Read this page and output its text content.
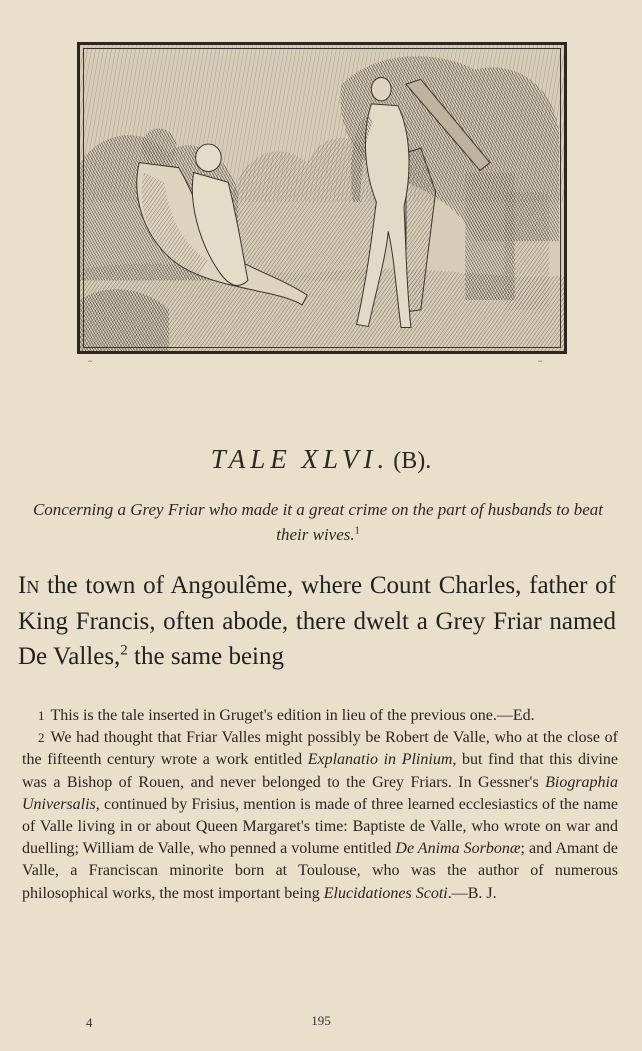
~	~
TALE XLVI. (B).
Concerning a Grey Friar who made it a great crime on the part of husbands to beat their wives.$^1$
In the town of Angoulême, where Count Charles, father of King Francis, often abode, there dwelt a Grey Friar named De Valles,$^2$ the same being

1 This is the tale inserted in Gruget's edition in lieu of the previous one.—Ed.

2 We had thought that Friar Valles might possibly be Robert de Valle, who at the close of the fifteenth century wrote a work entitled Explanatio in Plinium, but find that this divine was a Bishop of Rouen, and never belonged to the Grey Friars. In Gessner's Biographia Universalis, continued by Frisius, mention is made of three learned ecclesiastics of the name of Valle living in or about Queen Margaret's time: Baptiste de Valle, who wrote on war and duelling; William de Valle, who penned a volume entitled De Anima Sorbonæ; and Amant de Valle, a Franciscan minorite born at Toulouse, who was the author of numerous philosophical works, the most important being Elucidationes Scoti.—B. J.

4	195
